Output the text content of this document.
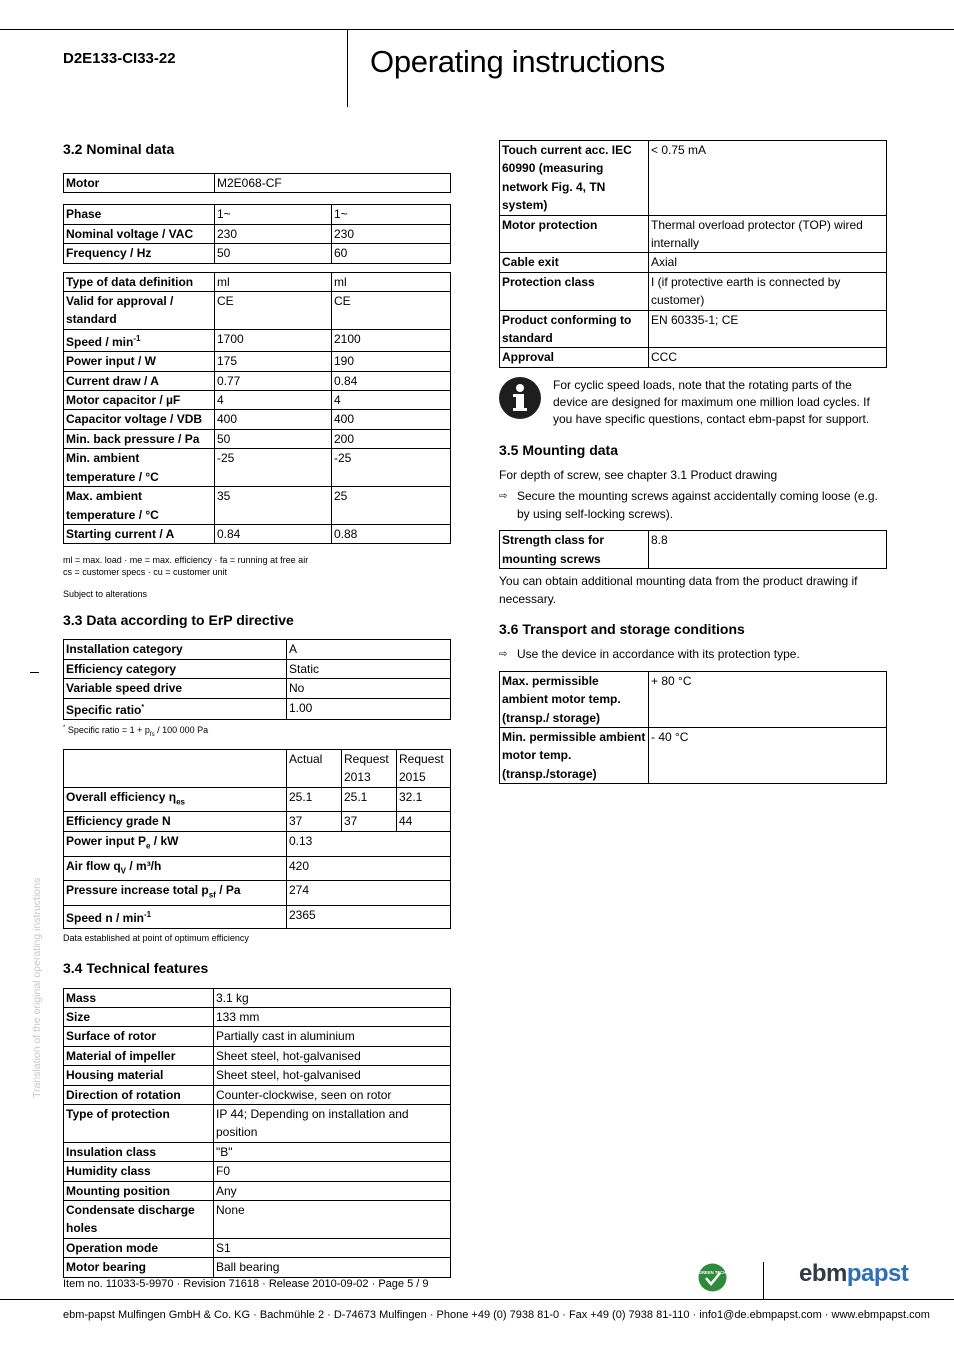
D2E133-CI33-22	Operating instructions
Translation of the original operating instructions
3.2 Nominal data
Motor	M2E068-CF
Phase	1~	1~
Nominal voltage / VAC	230	230
Frequency / Hz	50	60
Type of data definition	ml	ml
Valid for approval / standard	CE	CE
Speed / $\min^{-1}$	1700	2100
Power input / W	175	190
Current draw / A	0.77	0.84
Motor capacitor / µF	4	4
Capacitor voltage / VDB	400	400
Min. back pressure / Pa	50	200
Min. ambient temperature / °C	-25	-25
Max. ambient temperature / °C	35	25
Starting current / A	0.84	0.88
ml = max. load · me = max. efficiency · fa = running at free air
cs = customer specs · cu = customer unit
Subject to alterations
3.3 Data according to ErP directive
Installation category	A
Efficiency category	Static
Variable speed drive	No
Specific ratio*	1.00
* Specific ratio = $1 + p_{fs} / 100$ 000 Pa
	Actual	Request 2013	Request 2015
Overall efficiency $\eta_{es}$	25.1	25.1	32.1
Efficiency grade N	37	37	44
Power input $P_e$ / kW	0.13		
Air flow $q_V / m^3/h$	420		
Pressure increase total $p_{sf}$ / Pa	274		
Speed n / $\min^{-1}$	2365		
Data established at point of optimum efficiency
3.4 Technical features
Mass	3.1 kg
Size	133 mm
Surface of rotor	Partially cast in aluminium
Material of impeller	Sheet steel, hot-galvanised
Housing material	Sheet steel, hot-galvanised
Direction of rotation	Counter-clockwise, seen on rotor
Type of protection	IP 44; Depending on installation and position
Insulation class	"B"
Humidity class	F0
Mounting position	Any
Condensate discharge holes	None
Operation mode	S1
Motor bearing	Ball bearing
Touch current acc. IEC 60990 (measuring network Fig. 4, TN system)	< 0.75 mA
Motor protection	Thermal overload protector (TOP) wired internally
Cable exit	Axial
Protection class	I (if protective earth is connected by customer)
Product conforming to standard	EN 60335-1; CE
Approval	CCC

For cyclic speed loads, note that the rotating parts of the device are designed for maximum one million load cycles. If you have specific questions, contact ebm-papst for support.

3.5 Mounting data

For depth of screw, see chapter 3.1 Product drawing

⇨ Secure the mounting screws against accidentally coming loose (e.g. by using self-locking screws).
Strength class for mounting screws	8.8

You can obtain additional mounting data from the product drawing if necessary.

3.6 Transport and storage conditions
⇨ Use the device in accordance with its protection type.
Max. permissible ambient motor temp. (transp./ storage)	+ 80 °C
Min. permissible ambient motor temp. (transp./storage)	- 40 °C
Item no. 11033-5-9970 · Revision 71618 · Release 2010-09-02 · Page 5 / 9
GREEN TECH	ebmpapst
ebm-papst Mulfingen GmbH & Co. KG · Bachmühle 2 · D-74673 Mulfingen · Phone +49 (0) 7938 81-0 · Fax +49 (0) 7938 81-110 · info1@de.ebmpapst.com · www.ebmpapst.com
